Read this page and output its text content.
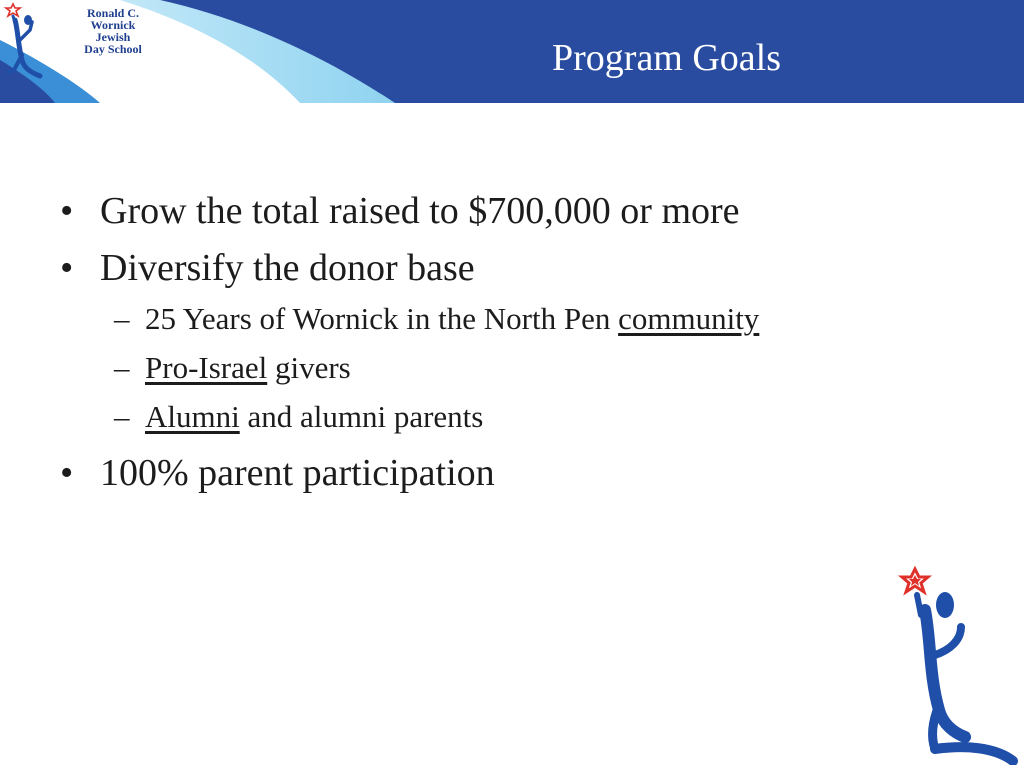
Ronald C.
Wornick
Jewish
Day School	Program Goals
• Grow the total raised to $700,000 or more
• Diversify the donor base
– 25 Years of Wornick in the North Pen community
– Pro-Israel givers
– Alumni and alumni parents
• 100% parent participation
